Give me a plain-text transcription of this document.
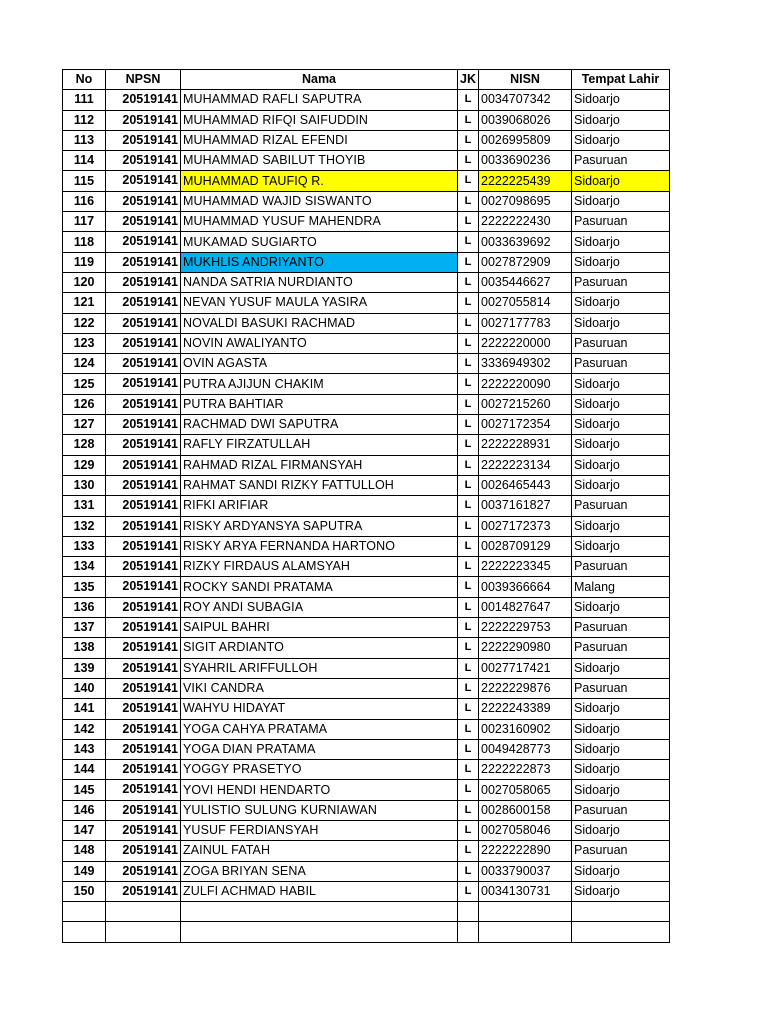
No	NPSN	Nama	JK	NISN	Tempat Lahir
111	20519141	MUHAMMAD RAFLI SAPUTRA	L	0034707342	Sidoarjo
112	20519141	MUHAMMAD RIFQI SAIFUDDIN	L	0039068026	Sidoarjo
113	20519141	MUHAMMAD RIZAL EFENDI	L	0026995809	Sidoarjo
114	20519141	MUHAMMAD SABILUT THOYIB	L	0033690236	Pasuruan
115	20519141	MUHAMMAD TAUFIQ R.	L	2222225439	Sidoarjo
116	20519141	MUHAMMAD WAJID SISWANTO	L	0027098695	Sidoarjo
117	20519141	MUHAMMAD YUSUF MAHENDRA	L	2222222430	Pasuruan
118	20519141	MUKAMAD SUGIARTO	L	0033639692	Sidoarjo
119	20519141	MUKHLIS ANDRIYANTO	L	0027872909	Sidoarjo
120	20519141	NANDA SATRIA NURDIANTO	L	0035446627	Pasuruan
121	20519141	NEVAN YUSUF MAULA YASIRA	L	0027055814	Sidoarjo
122	20519141	NOVALDI BASUKI RACHMAD	L	0027177783	Sidoarjo
123	20519141	NOVIN AWALIYANTO	L	2222220000	Pasuruan
124	20519141	OVIN AGASTA	L	3336949302	Pasuruan
125	20519141	PUTRA AJIJUN CHAKIM	L	2222220090	Sidoarjo
126	20519141	PUTRA BAHTIAR	L	0027215260	Sidoarjo
127	20519141	RACHMAD DWI SAPUTRA	L	0027172354	Sidoarjo
128	20519141	RAFLY FIRZATULLAH	L	2222228931	Sidoarjo
129	20519141	RAHMAD RIZAL FIRMANSYAH	L	2222223134	Sidoarjo
130	20519141	RAHMAT SANDI RIZKY FATTULLOH	L	0026465443	Sidoarjo
131	20519141	RIFKI ARIFIAR	L	0037161827	Pasuruan
132	20519141	RISKY ARDYANSYA SAPUTRA	L	0027172373	Sidoarjo
133	20519141	RISKY ARYA FERNANDA HARTONO	L	0028709129	Sidoarjo
134	20519141	RIZKY FIRDAUS ALAMSYAH	L	2222223345	Pasuruan
135	20519141	ROCKY SANDI PRATAMA	L	0039366664	Malang
136	20519141	ROY ANDI SUBAGIA	L	0014827647	Sidoarjo
137	20519141	SAIPUL BAHRI	L	2222229753	Pasuruan
138	20519141	SIGIT ARDIANTO	L	2222290980	Pasuruan
139	20519141	SYAHRIL ARIFFULLOH	L	0027717421	Sidoarjo
140	20519141	VIKI CANDRA	L	2222229876	Pasuruan
141	20519141	WAHYU HIDAYAT	L	2222243389	Sidoarjo
142	20519141	YOGA CAHYA PRATAMA	L	0023160902	Sidoarjo
143	20519141	YOGA DIAN PRATAMA	L	0049428773	Sidoarjo
144	20519141	YOGGY PRASETYO	L	2222222873	Sidoarjo
145	20519141	YOVI HENDI HENDARTO	L	0027058065	Sidoarjo
146	20519141	YULISTIO SULUNG KURNIAWAN	L	0028600158	Pasuruan
147	20519141	YUSUF FERDIANSYAH	L	0027058046	Sidoarjo
148	20519141	ZAINUL FATAH	L	2222222890	Pasuruan
149	20519141	ZOGA BRIYAN SENA	L	0033790037	Sidoarjo
150	20519141	ZULFI ACHMAD HABIL	L	0034130731	Sidoarjo
